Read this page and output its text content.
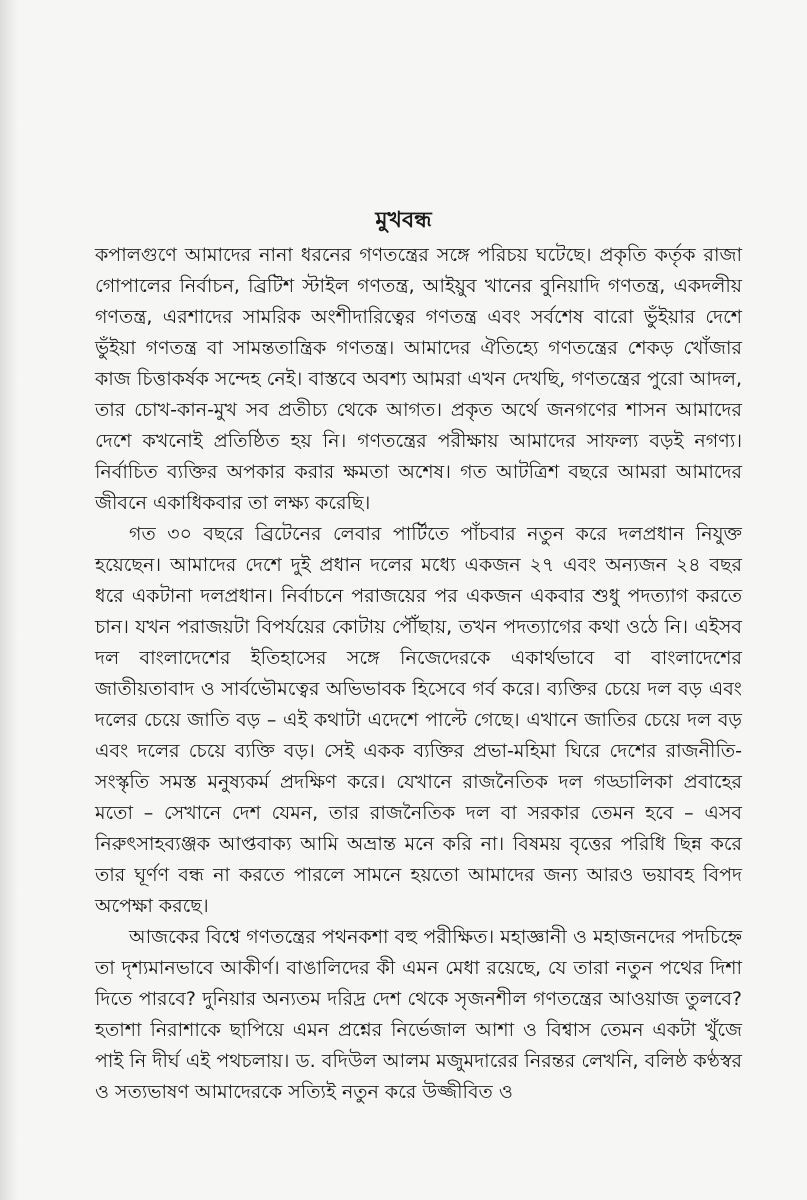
মুখবন্ধ

কপালগুণে আমাদের নানা ধরনের গণতন্ত্রের সঙ্গে পরিচয় ঘটেছে। প্রকৃতি কর্তৃক রাজা গোপালের নির্বাচন, ব্রিটিশ স্টাইল গণতন্ত্র, আইয়ুব খানের বুনিয়াদি গণতন্ত্র, একদলীয় গণতন্ত্র, এরশাদের সামরিক অংশীদারিত্বের গণতন্ত্র এবং সর্বশেষ বারো ভুঁইয়ার দেশে ভুঁইয়া গণতন্ত্র বা সামন্ততান্ত্রিক গণতন্ত্র। আমাদের ঐতিহ্যে গণতন্ত্রের শেকড় খোঁজার কাজ চিত্তাকর্ষক সন্দেহ নেই। বাস্তবে অবশ্য আমরা এখন দেখছি, গণতন্ত্রের পুরো আদল, তার চোখ-কান-মুখ সব প্রতীচ্য থেকে আগত। প্রকৃত অর্থে জনগণের শাসন আমাদের দেশে কখনোই প্রতিষ্ঠিত হয় নি। গণতন্ত্রের পরীক্ষায় আমাদের সাফল্য বড়ই নগণ্য। নির্বাচিত ব্যক্তির অপকার করার ক্ষমতা অশেষ। গত আটত্রিশ বছরে আমরা আমাদের জীবনে একাধিকবার তা লক্ষ্য করেছি।

গত ৩০ বছরে ব্রিটেনের লেবার পার্টিতে পাঁচবার নতুন করে দলপ্রধান নিযুক্ত হয়েছেন। আমাদের দেশে দুই প্রধান দলের মধ্যে একজন ২৭ এবং অন্যজন ২৪ বছর ধরে একটানা দলপ্রধান। নির্বাচনে পরাজয়ের পর একজন একবার শুধু পদত্যাগ করতে চান। যখন পরাজয়টা বিপর্যয়ের কোটায় পৌঁছায়, তখন পদত্যাগের কথা ওঠে নি। এইসব দল বাংলাদেশের ইতিহাসের সঙ্গে নিজেদেরকে একার্থভাবে বা বাংলাদেশের জাতীয়তাবাদ ও সার্বভৌমত্বের অভিভাবক হিসেবে গর্ব করে। ব্যক্তির চেয়ে দল বড় এবং দলের চেয়ে জাতি বড় – এই কথাটা এদেশে পাল্টে গেছে। এখানে জাতির চেয়ে দল বড় এবং দলের চেয়ে ব্যক্তি বড়। সেই একক ব্যক্তির প্রভা-মহিমা ঘিরে দেশের রাজনীতি-সংস্কৃতি সমস্ত মনুষ্যকর্ম প্রদক্ষিণ করে। যেখানে রাজনৈতিক দল গড্ডালিকা প্রবাহের মতো – সেখানে দেশ যেমন, তার রাজনৈতিক দল বা সরকার তেমন হবে – এসব নিরুৎসাহব্যঞ্জক আপ্তবাক্য আমি অভ্রান্ত মনে করি না। বিষময় বৃত্তের পরিধি ছিন্ন করে তার ঘূর্ণণ বন্ধ না করতে পারলে সামনে হয়তো আমাদের জন্য আরও ভয়াবহ বিপদ অপেক্ষা করছে।

আজকের বিশ্বে গণতন্ত্রের পথনকশা বহু পরীক্ষিত। মহাজ্ঞানী ও মহাজনদের পদচিহ্নে তা দৃশ্যমানভাবে আকীর্ণ। বাঙালিদের কী এমন মেধা রয়েছে, যে তারা নতুন পথের দিশা দিতে পারবে? দুনিয়ার অন্যতম দরিদ্র দেশ থেকে সৃজনশীল গণতন্ত্রের আওয়াজ তুলবে? হতাশা নিরাশাকে ছাপিয়ে এমন প্রশ্নের নির্ভেজাল আশা ও বিশ্বাস তেমন একটা খুঁজে পাই নি দীর্ঘ এই পথচলায়। ড. বদিউল আলম মজুমদারের নিরন্তর লেখনি, বলিষ্ঠ কণ্ঠস্বর ও সত্যভাষণ আমাদেরকে সত্যিই নতুন করে উজ্জীবিত ও
